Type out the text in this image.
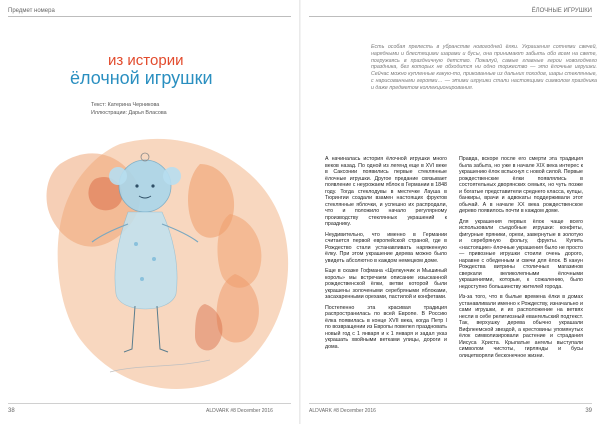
Предмет номера
из истории
ёлочной игрушки
Текст: Катерина Черникова
Иллюстрации: Дарья Власова
38	ALDVARK #8 December 2016
ЁЛОЧНЫЕ ИГРУШКИ
Есть особая прелесть в убранстве новогодней ёлки. Украшения сотнями свечей, нарядными и блестящими шарами и бусы, она принимают забыть обо всем на свете, погружаясь в праздничную детство. Пожалуй, самые главные герои новогоднего праздника, без которых не обходится ни одно торжество — это ёлочные игрушки. Сейчас можно купленные какую-то, прикованные из дальних походов, шары стеклянные, с нарисованными героями… — этими игрушки стали настоящими символом праздника и даже предметом коллекционирования.

А начиналась история ёлочной игрушки много веков назад. По одной из легенд еще в XVI веке в Саксонии появились первые стеклянные ёлочные игрушки. Другое предание связывает появление с неурожаем яблок в Германии в 1848 году. Тогда стеклодувы в местечке Лауша в Тюрингии создали взамен настоящих фруктов стеклянные яблочки, и успешно их распродали, что и положило начало регулярному производству стеклянных украшений к празднику.

Неудивительно, что именно в Германии считается первой европейской страной, где в Рождество стали устанавливать наряженную ёлку. При этом украшение дерева можно было увидеть абсолютно в каждом немецком доме.

Еще в сказке Гофмана «Щелкунчик и Мышиный король» мы встречаем описание изысканной рождественской ёлки, ветви которой были украшены золочеными серебряными яблоками, засахаренными орехами, пастилой и конфетами.

Постепенно эта красивая традиция распространилась по всей Европе. В Россию ёлка появилась в конце XVII века, когда Петр I по возвращении из Европы повелел праздновать новый год с 1 января и к 1 января и задал указ украшать хвойными ветками улицы, дороги и дома.

Правда, вскоре после его смерти эта традиция была забыта, но уже в начале XIX века интерес к украшению ёлок вспыхнул с новой силой. Первые рождественские ёлки появлялись в состоятельных дворянских семьях, но чуть позже и богатые представители среднего класса, купцы, банкиры, врачи и адвокаты поддерживали этот обычай. А в начале XX века рождественское дерево появилось почти в каждом доме.

Для украшения первых ёлок чаще всего использовали съедобные игрушки: конфеты, фигурные пряники, орехи, завернутые в золотую и серебряную фольгу, фрукты. Купить «настоящие» ёлочные украшения было не просто — привозные игрушки стоили очень дорого, наравне с обеденным и свечи для ёлок. В канун Рождества витрины столичных магазинов сверкали великолепными ёлочными украшениями, которые, к сожалению, было недоступно большинству жителей города.

Из-за того, что в былые времена ёлки в домах устанавливали именно к Рождеству, изначально и сами игрушки, и их расположение на ветвях несли в себе религиозный евангельский подтекст. Так, верхушку дерева обычно украшали Вифлеемской звездой, а крестовины упомянутых ёлок символизировали растение и страдания Иисуса Христа. Крылатые ангелы выступали символом чистоты, гирлянды и бусы олицетворяли бесконечное жизни.

ALDVARK #8 December 2016	39
